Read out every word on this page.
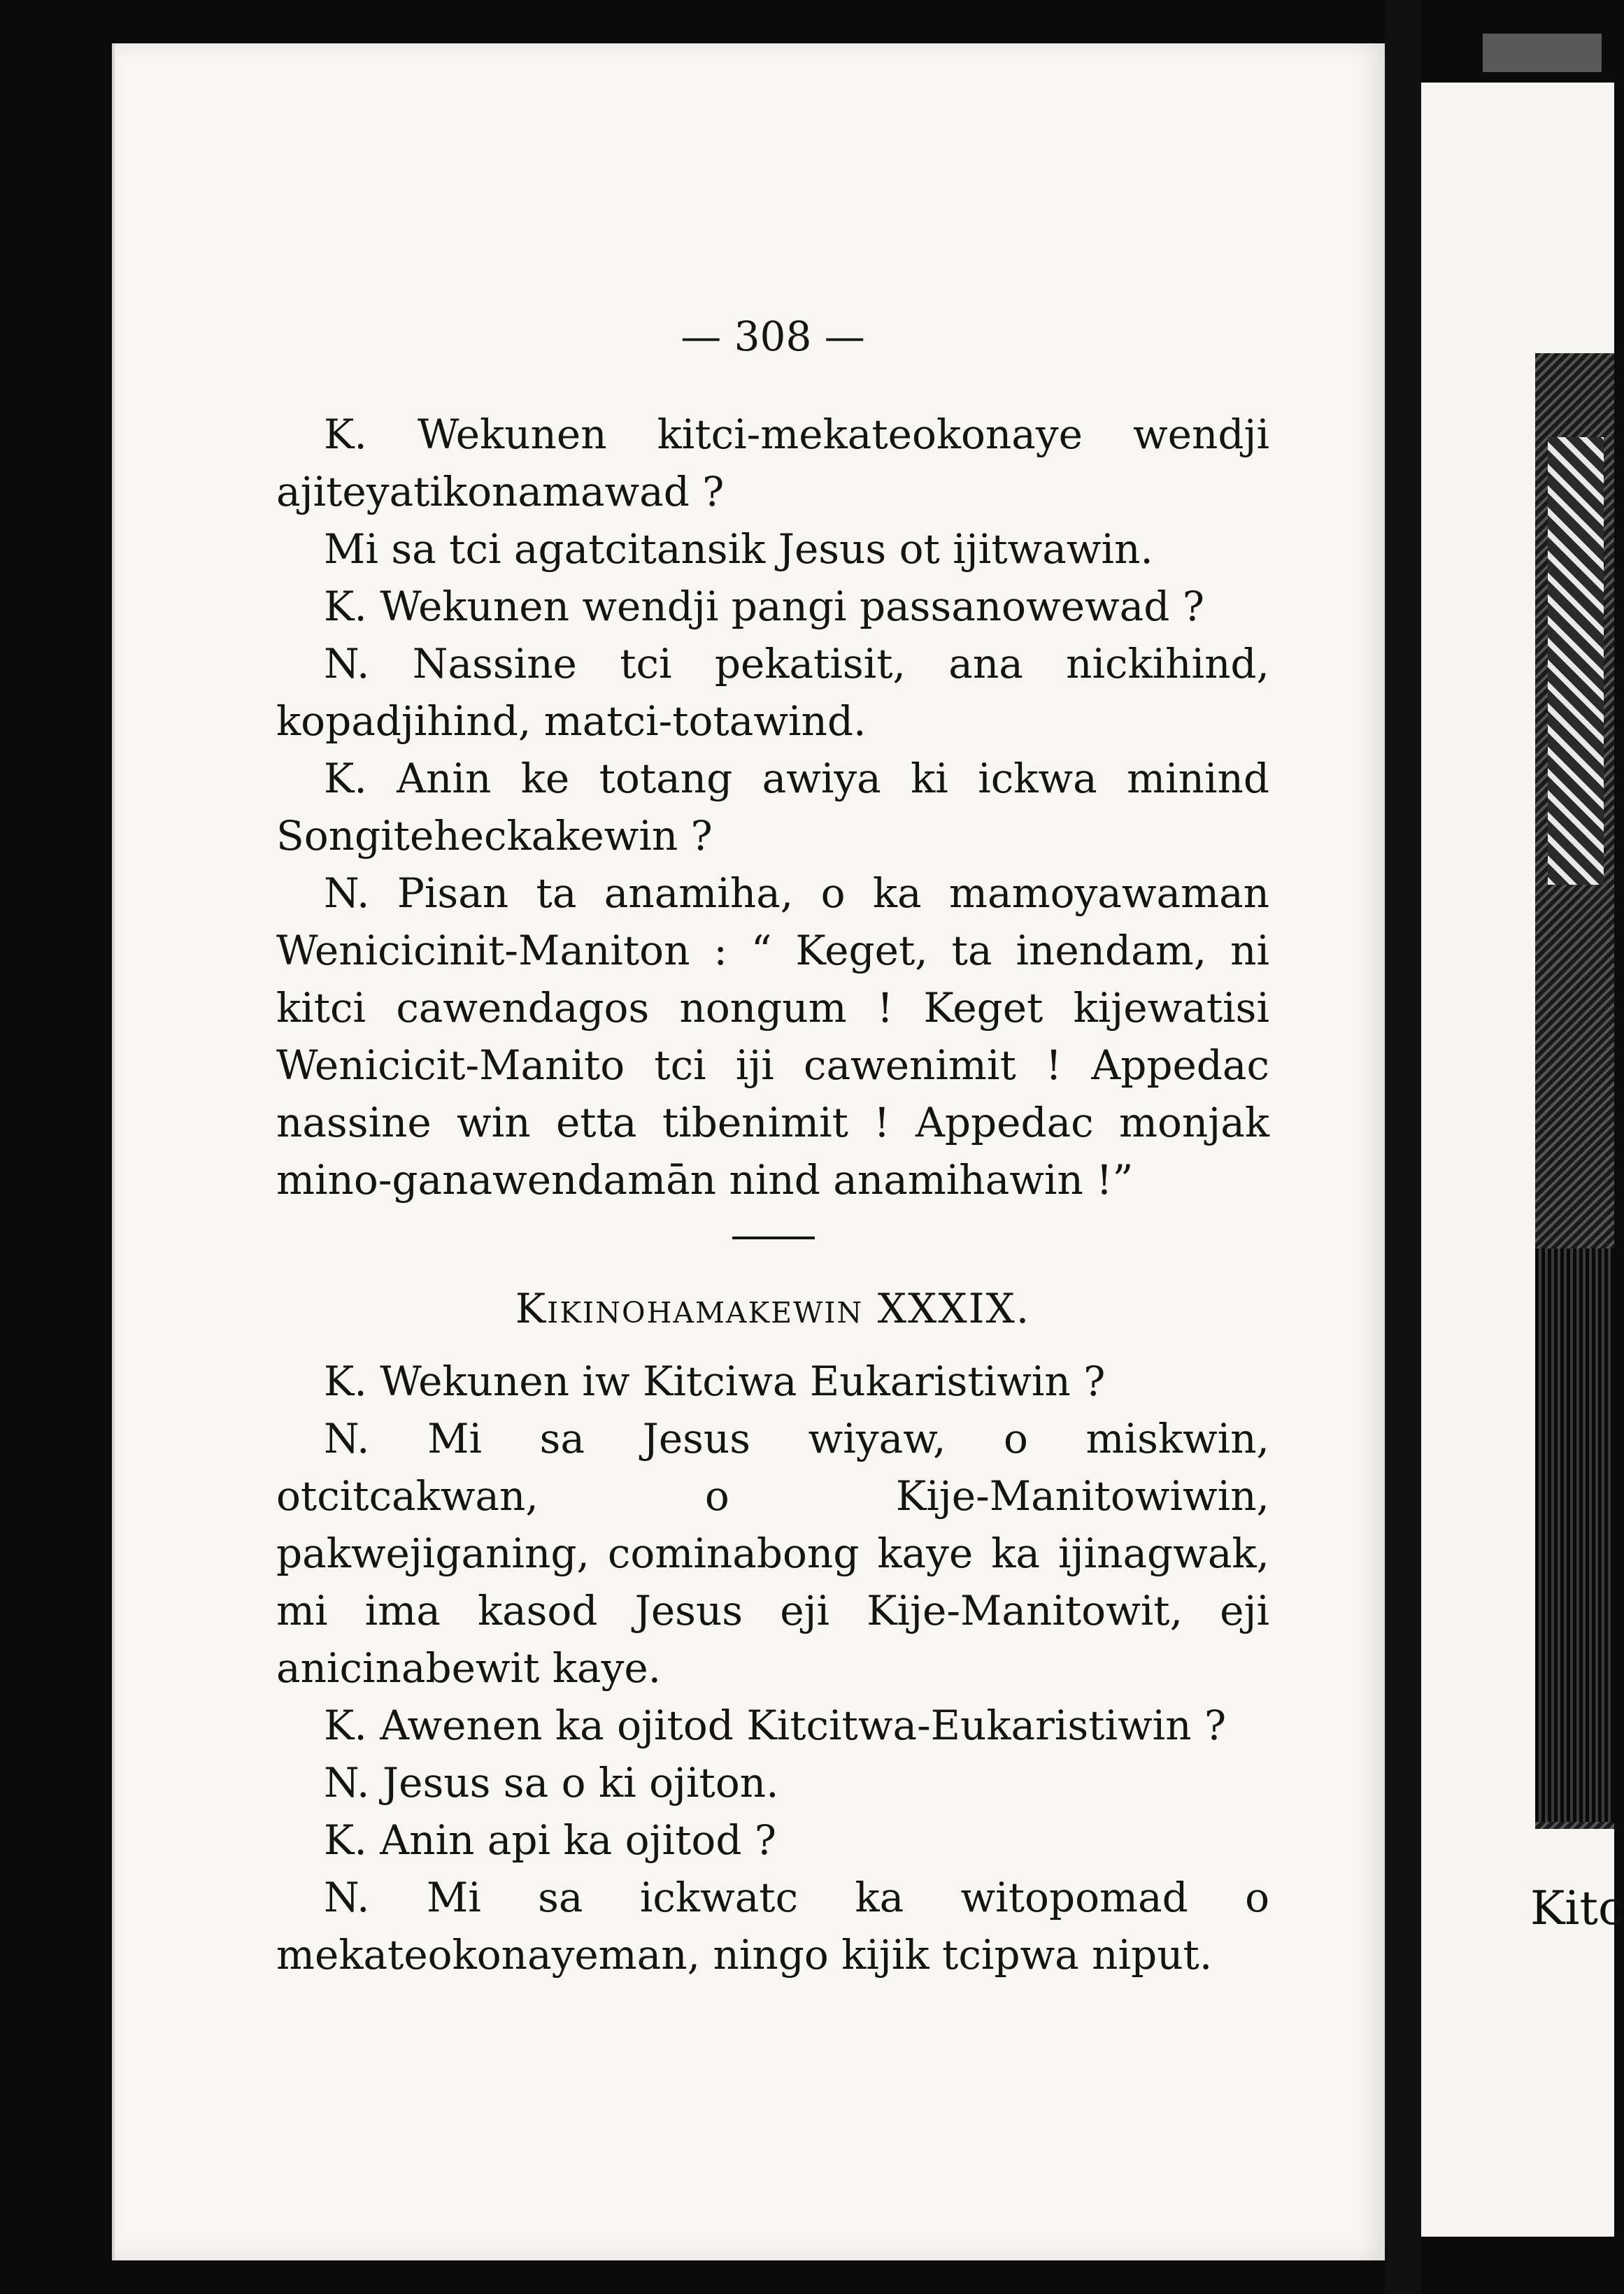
— 308 —

K. Wekunen kitci-mekateokonaye wendji ajiteyatikonamawad ?

Mi sa tci agatcitansik Jesus ot ijitwawin.

K. Wekunen wendji pangi passanowewad ?

N. Nassine tci pekatisit, ana nickihind, kopadjihind, matci-totawind.

K. Anin ke totang awiya ki ickwa minind Songiteheckakewin ?

N. Pisan ta anamiha, o ka mamoyawaman Wenicicinit-Maniton : “ Keget, ta inendam, ni kitci cawendagos nongum ! Keget kijewatisi Wenicicit-Manito tci iji cawenimit ! Appedac nassine win etta tibenimit ! Appedac monjak mino-ganawendamān nind anamihawin !”

Kikinohamakewin XXXIX.

K. Wekunen iw Kitciwa Eukaristiwin ?

N. Mi sa Jesus wiyaw, o miskwin, otcitcakwan, o Kije-Manitowiwin, pakwejiganing, cominabong kaye ka ijinagwak, mi ima kasod Jesus eji Kije-Manitowit, eji anicinabewit kaye.

K. Awenen ka ojitod Kitcitwa-Eukaristiwin ?

N. Jesus sa o ki ojiton.

K. Anin api ka ojitod ?

N. Mi sa ickwatc ka witopomad o mekateokonayeman, ningo kijik tcipwa niput.

Kitc
